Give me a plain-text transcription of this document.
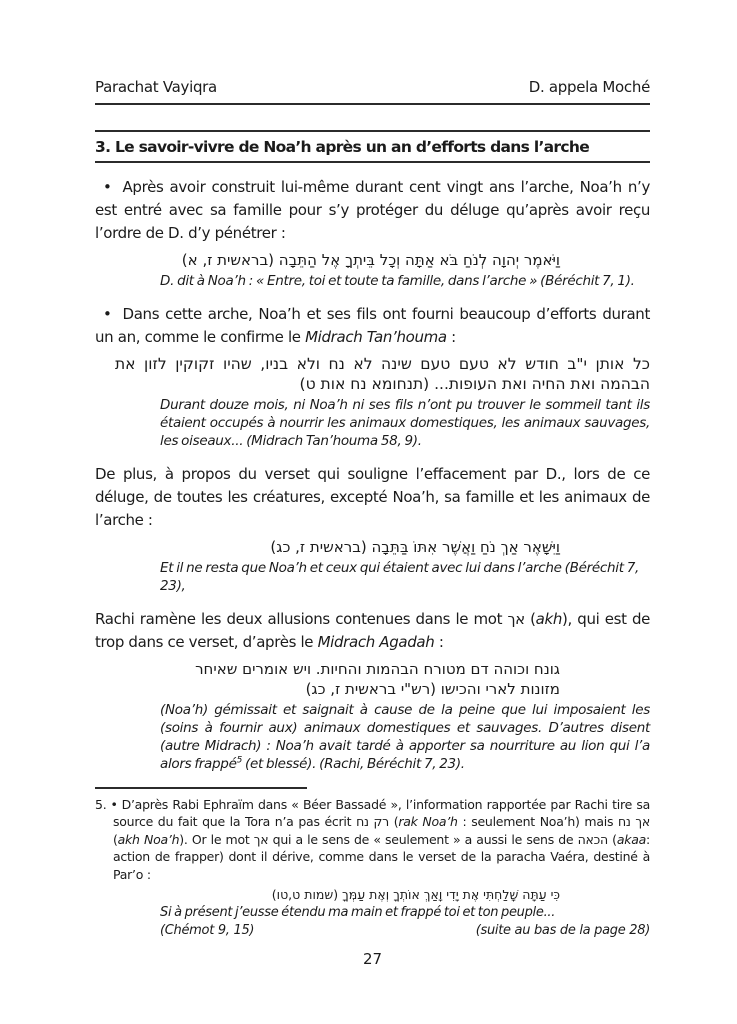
Parachat Vayiqra	D. appela Moché
3. Le savoir-vivre de Noa’h après un an d’efforts dans l’arche

• Après avoir construit lui-même durant cent vingt ans l’arche, Noa’h n’y est entré avec sa famille pour s’y protéger du déluge qu’après avoir reçu l’ordre de D. d’y pénétrer :

וַיֹּאמֶר יְהוָה לְנֹחַ בֹּא אַתָּה וְכָל בֵּיתְךָ אֶל הַתֵּבָה (בראשית ז, א)
D. dit à Noa’h : « Entre, toi et toute ta famille, dans l’arche » (Béréchit 7, 1).

• Dans cette arche, Noa’h et ses fils ont fourni beaucoup d’efforts durant un an, comme le confirme le Midrach Tan’houma :

כל אותן י"ב חודש לא טעם טעם שינה לא נח ולא בניו, שהיו זקוקין לזון את הבהמה ואת החיה ואת העופות... (תנחומא נח אות ט)
Durant douze mois, ni Noa’h ni ses fils n’ont pu trouver le sommeil tant ils étaient occupés à nourrir les animaux domestiques, les animaux sauvages, les oiseaux... (Midrach Tan’houma 58, 9).

De plus, à propos du verset qui souligne l’effacement par D., lors de ce déluge, de toutes les créatures, excepté Noa’h, sa famille et les animaux de l’arche :

וַיִּשָּׁאֶר אַךְ נֹחַ וַאֲשֶׁר אִתּוֹ בַּתֵּבָה (בראשית ז, כג)
Et il ne resta que Noa’h et ceux qui étaient avec lui dans l’arche (Béréchit 7, 23),

Rachi ramène les deux allusions contenues dans le mot אך (akh), qui est de trop dans ce verset, d’après le Midrach Agadah :

גונח וכוהה דם מטורח הבהמות והחיות. ויש אומרים שאיחר מזונות לארי והכישו (רש"י בראשית ז, כג)
(Noa’h) gémissait et saignait à cause de la peine que lui imposaient les (soins à fournir aux) animaux domestiques et sauvages. D’autres disent (autre Midrach) : Noa’h avait tardé à apporter sa nourriture au lion qui l’a alors frappé$^5$ (et blessé). (Rachi, Béréchit 7, 23).
5. • D’après Rabi Ephraïm dans « Béer Bassadé », l’information rapportée par Rachi tire sa source du fait que la Tora n’a pas écrit רק נח (rak Noa’h : seulement Noa’h) mais אך נח (akh Noa’h). Or le mot אך qui a le sens de « seulement » a aussi le sens de הכאה (akaa: action de frapper) dont il dérive, comme dans le verset de la paracha Vaéra, destiné à Par’o :
כִּי עַתָּה שָׁלַחְתִּי אֶת יָדִי וָאַךְ אוֹתְךָ וְאֶת עַמְּךָ (שמות ט,טו)
Si à présent j’eusse étendu ma main et frappé toi et ton peuple...
(Chémot 9, 15)	(suite au bas de la page 28)
27
